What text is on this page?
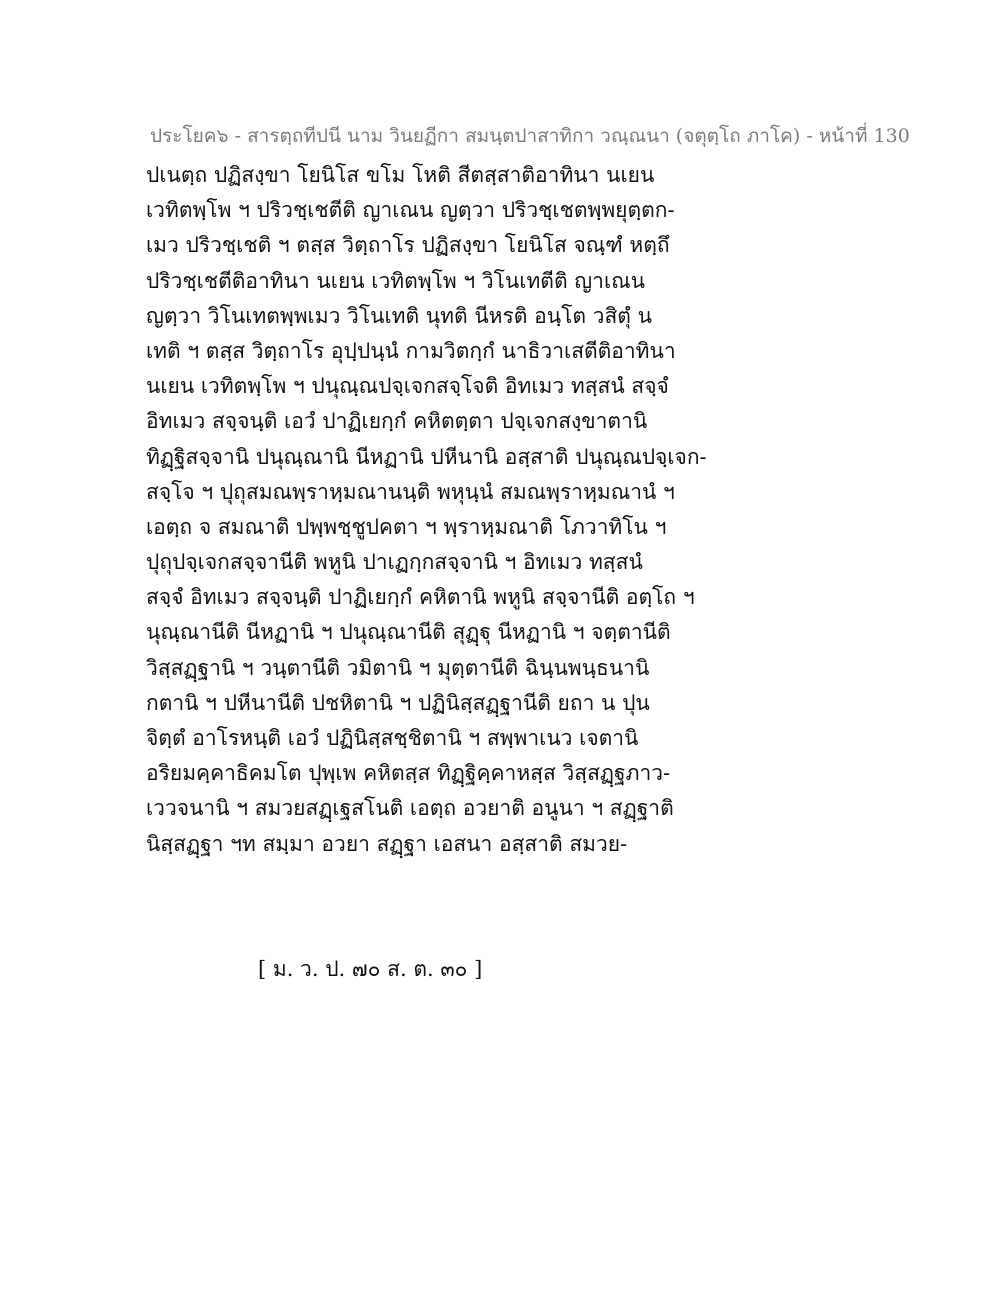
ประโยค๖ - สารตฺถทีปนี นาม วินยฏีกา สมนฺตปาสาทิกา วณฺณนา (จตุตฺโถ ภาโค) - หน้าที่ 130
ปเนตฺถ ปฏิสงฺขา โยนิโส ขโม โหติ สีตสฺสาติอาทินา นเยน
เวทิตพฺโพ ฯ ปริวชฺเชตีติ ญาเณน ญตฺวา ปริวชฺเชตพฺพยุตฺตก-
เมว ปริวชฺเชติ ฯ ตสฺส วิตฺถาโร ปฏิสงฺขา โยนิโส จณฺฑํ หตฺถึ
ปริวชฺเชตีติอาทินา นเยน เวทิตพฺโพ ฯ วิโนเทตีติ ญาเณน
ญตฺวา วิโนเทตพฺพเมว วิโนเทติ นุทติ นีหรติ อนฺโต วสิตุํ น
เทติ ฯ ตสฺส วิตฺถาโร อุปฺปนฺนํ กามวิตกฺกํ นาธิวาเสตีติอาทินา
นเยน เวทิตพฺโพ ฯ ปนุณฺณปจฺเจกสจฺโจติ อิทเมว ทสฺสนํ สจฺจํ
อิทเมว สจฺจนฺติ เอวํ ปาฏิเยกฺกํ คหิตตฺตา ปจฺเจกสงฺขาตานิ
ทิฏฺฐิสจฺจานิ ปนุณฺณานิ นีหฏานิ ปหีนานิ อสฺสาติ ปนุณฺณปจฺเจก-
สจฺโจ ฯ ปุถุสมณพฺราหฺมณานนฺติ พหุนฺนํ สมณพฺราหฺมณานํ ฯ
เอตฺถ จ สมณาติ ปพฺพชฺชูปคตา ฯ พฺราหฺมณาติ โภวาทิโน ฯ
ปุถุปจฺเจกสจฺจานีติ พหูนิ ปาเฏกฺกสจฺจานิ ฯ อิทเมว ทสฺสนํ
สจฺจํ อิทเมว สจฺจนฺติ ปาฏิเยกฺกํ คหิตานิ พหูนิ สจฺจานีติ อตฺโถ ฯ
นุณฺณานีติ นีหฏานิ ฯ ปนุณฺณานีติ สุฏฺฐุ นีหฏานิ ฯ จตฺตานีติ
วิสฺสฏฺฐานิ ฯ วนฺตานีติ วมิตานิ ฯ มุตฺตานีติ ฉินฺนพนฺธนานิ
กตานิ ฯ ปหีนานีติ ปชหิตานิ ฯ ปฏินิสฺสฏฺฐานีติ ยถา น ปุน
จิตฺตํ อาโรหนฺติ เอวํ ปฏินิสฺสชฺชิตานิ ฯ สพฺพาเนว เจตานิ
อริยมคฺคาธิคมโต ปุพฺเพ คหิตสฺส ทิฏฺฐิคฺคาหสฺส วิสฺสฏฺฐภาว-
เววจนานิ ฯ สมวยสฏฺเฐสโนติ เอตฺถ อวยาติ อนูนา ฯ สฏฺฐาติ
นิสฺสฏฺฐา ฯท สมฺมา อวยา สฏฺฐา เอสนา อสฺสาติ สมวย-
[ ม. ว. ป. ๗๐ ส. ต. ๓๐ ]
